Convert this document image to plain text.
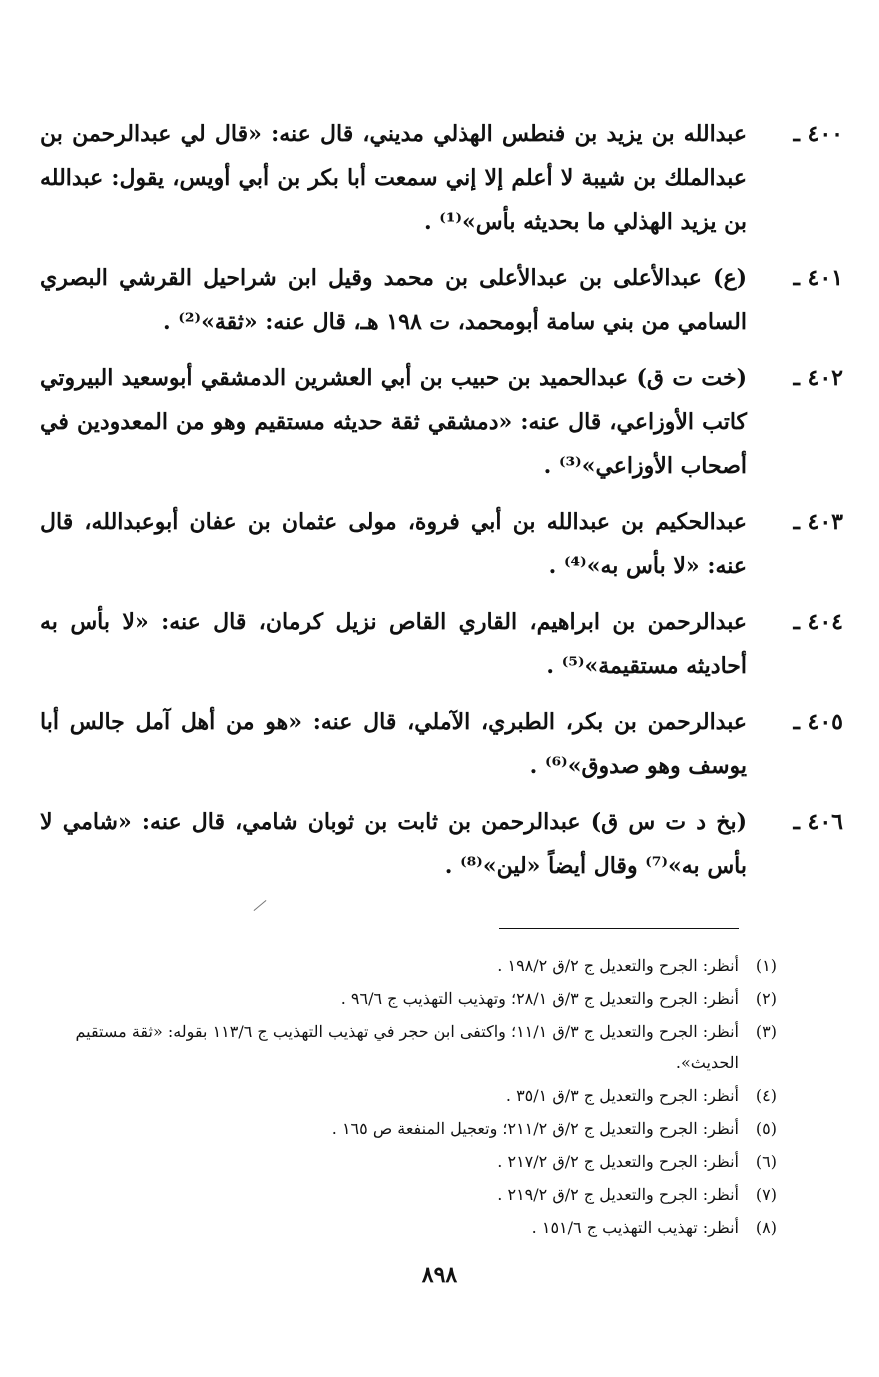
٤٠٠ ـ
عبدالله بن يزيد بن فنطس الهذلي مديني، قال عنه: «قال لي عبدالرحمن بن عبدالملك بن شيبة لا أعلم إلا إني سمعت أبا بكر بن أبي أويس، يقول: عبدالله بن يزيد الهذلي ما بحديثه بأس»⁽¹⁾ .
٤٠١ ـ
(ع) عبدالأعلى بن عبدالأعلى بن محمد وقيل ابن شراحيل القرشي البصري السامي من بني سامة أبومحمد، ت ١٩٨ هـ، قال عنه: «ثقة»⁽²⁾ .
٤٠٢ ـ
(خت ت ق) عبدالحميد بن حبيب بن أبي العشرين الدمشقي أبوسعيد البيروتي كاتب الأوزاعي، قال عنه: «دمشقي ثقة حديثه مستقيم وهو من المعدودين في أصحاب الأوزاعي»⁽³⁾ .
٤٠٣ ـ
عبدالحكيم بن عبدالله بن أبي فروة، مولى عثمان بن عفان أبوعبدالله، قال عنه: «لا بأس به»⁽⁴⁾ .
٤٠٤ ـ
عبدالرحمن بن ابراهيم، القاري القاص نزيل كرمان، قال عنه: «لا بأس به أحاديثه مستقيمة»⁽⁵⁾ .
٤٠٥ ـ
عبدالرحمن بن بكر، الطبري، الآملي، قال عنه: «هو من أهل آمل جالس أبا يوسف وهو صدوق»⁽⁶⁾ .
٤٠٦ ـ
(بخ د ت س ق) عبدالرحمن بن ثابت بن ثوبان شامي، قال عنه: «شامي لا بأس به»⁽⁷⁾ وقال أيضاً «لين»⁽⁸⁾ .
(١)
أنظر: الجرح والتعديل ج ٢/ق ١٩٨/٢ .
(٢)
أنظر: الجرح والتعديل ج ٣/ق ٢٨/١؛ وتهذيب التهذيب ج ٩٦/٦ .
(٣)
أنظر: الجرح والتعديل ج ٣/ق ١١/١؛ واكتفى ابن حجر في تهذيب التهذيب ج ١١٣/٦ بقوله: «ثقة مستقيم الحديث».
(٤)
أنظر: الجرح والتعديل ج ٣/ق ٣٥/١ .
(٥)
أنظر: الجرح والتعديل ج ٢/ق ٢١١/٢؛ وتعجيل المنفعة ص ١٦٥ .
(٦)
أنظر: الجرح والتعديل ج ٢/ق ٢١٧/٢ .
(٧)
أنظر: الجرح والتعديل ج ٢/ق ٢١٩/٢ .
(٨)
أنظر: تهذيب التهذيب ج ١٥١/٦ .
٨٩٨
